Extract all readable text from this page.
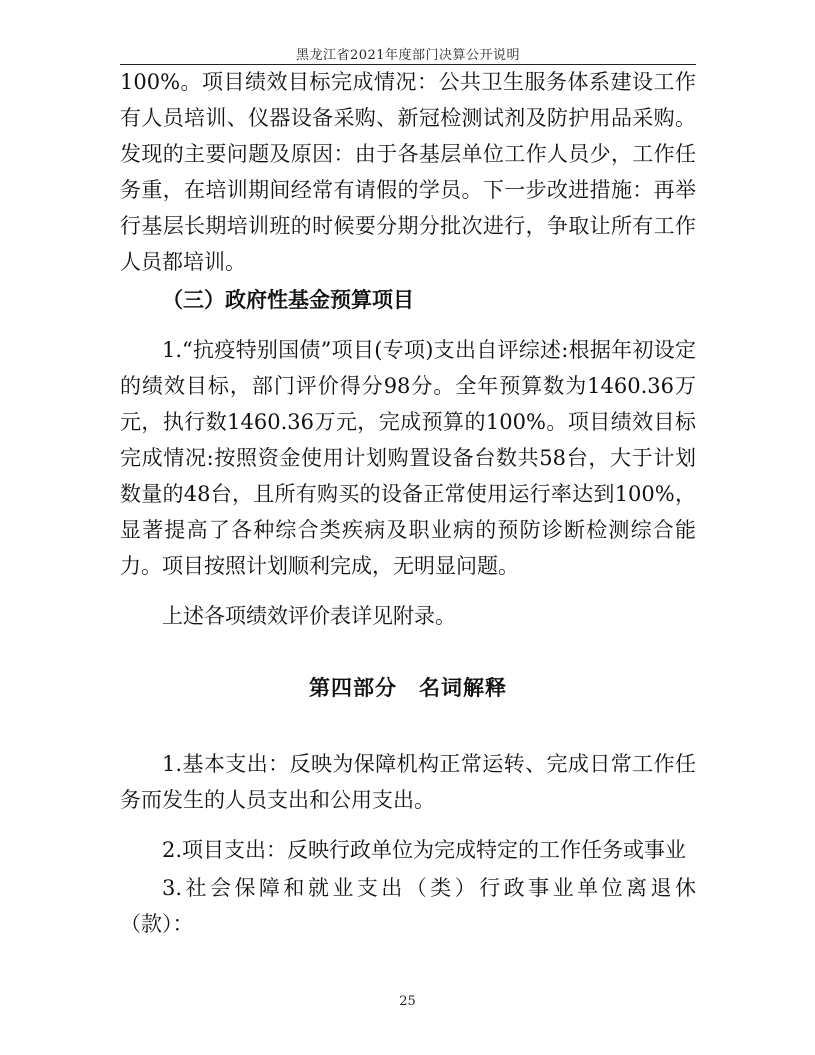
黑龙江省2021年度部门决算公开说明

100%。项目绩效目标完成情况：公共卫生服务体系建设工作有人员培训、仪器设备采购、新冠检测试剂及防护用品采购。发现的主要问题及原因：由于各基层单位工作人员少，工作任务重，在培训期间经常有请假的学员。下一步改进措施：再举行基层长期培训班的时候要分期分批次进行，争取让所有工作人员都培训。

（三）政府性基金预算项目

1.“抗疫特别国债”项目(专项)支出自评综述:根据年初设定的绩效目标，部门评价得分98分。全年预算数为1460.36万元，执行数1460.36万元，完成预算的100%。项目绩效目标完成情况:按照资金使用计划购置设备台数共58台，大于计划数量的48台，且所有购买的设备正常使用运行率达到100%，显著提高了各种综合类疾病及职业病的预防诊断检测综合能力。项目按照计划顺利完成，无明显问题。

上述各项绩效评价表详见附录。

第四部分　名词解释

1.基本支出：反映为保障机构正常运转、完成日常工作任务而发生的人员支出和公用支出。

2.项目支出：反映行政单位为完成特定的工作任务或事业

3.社会保障和就业支出（类）行政事业单位离退休（款）：

25
